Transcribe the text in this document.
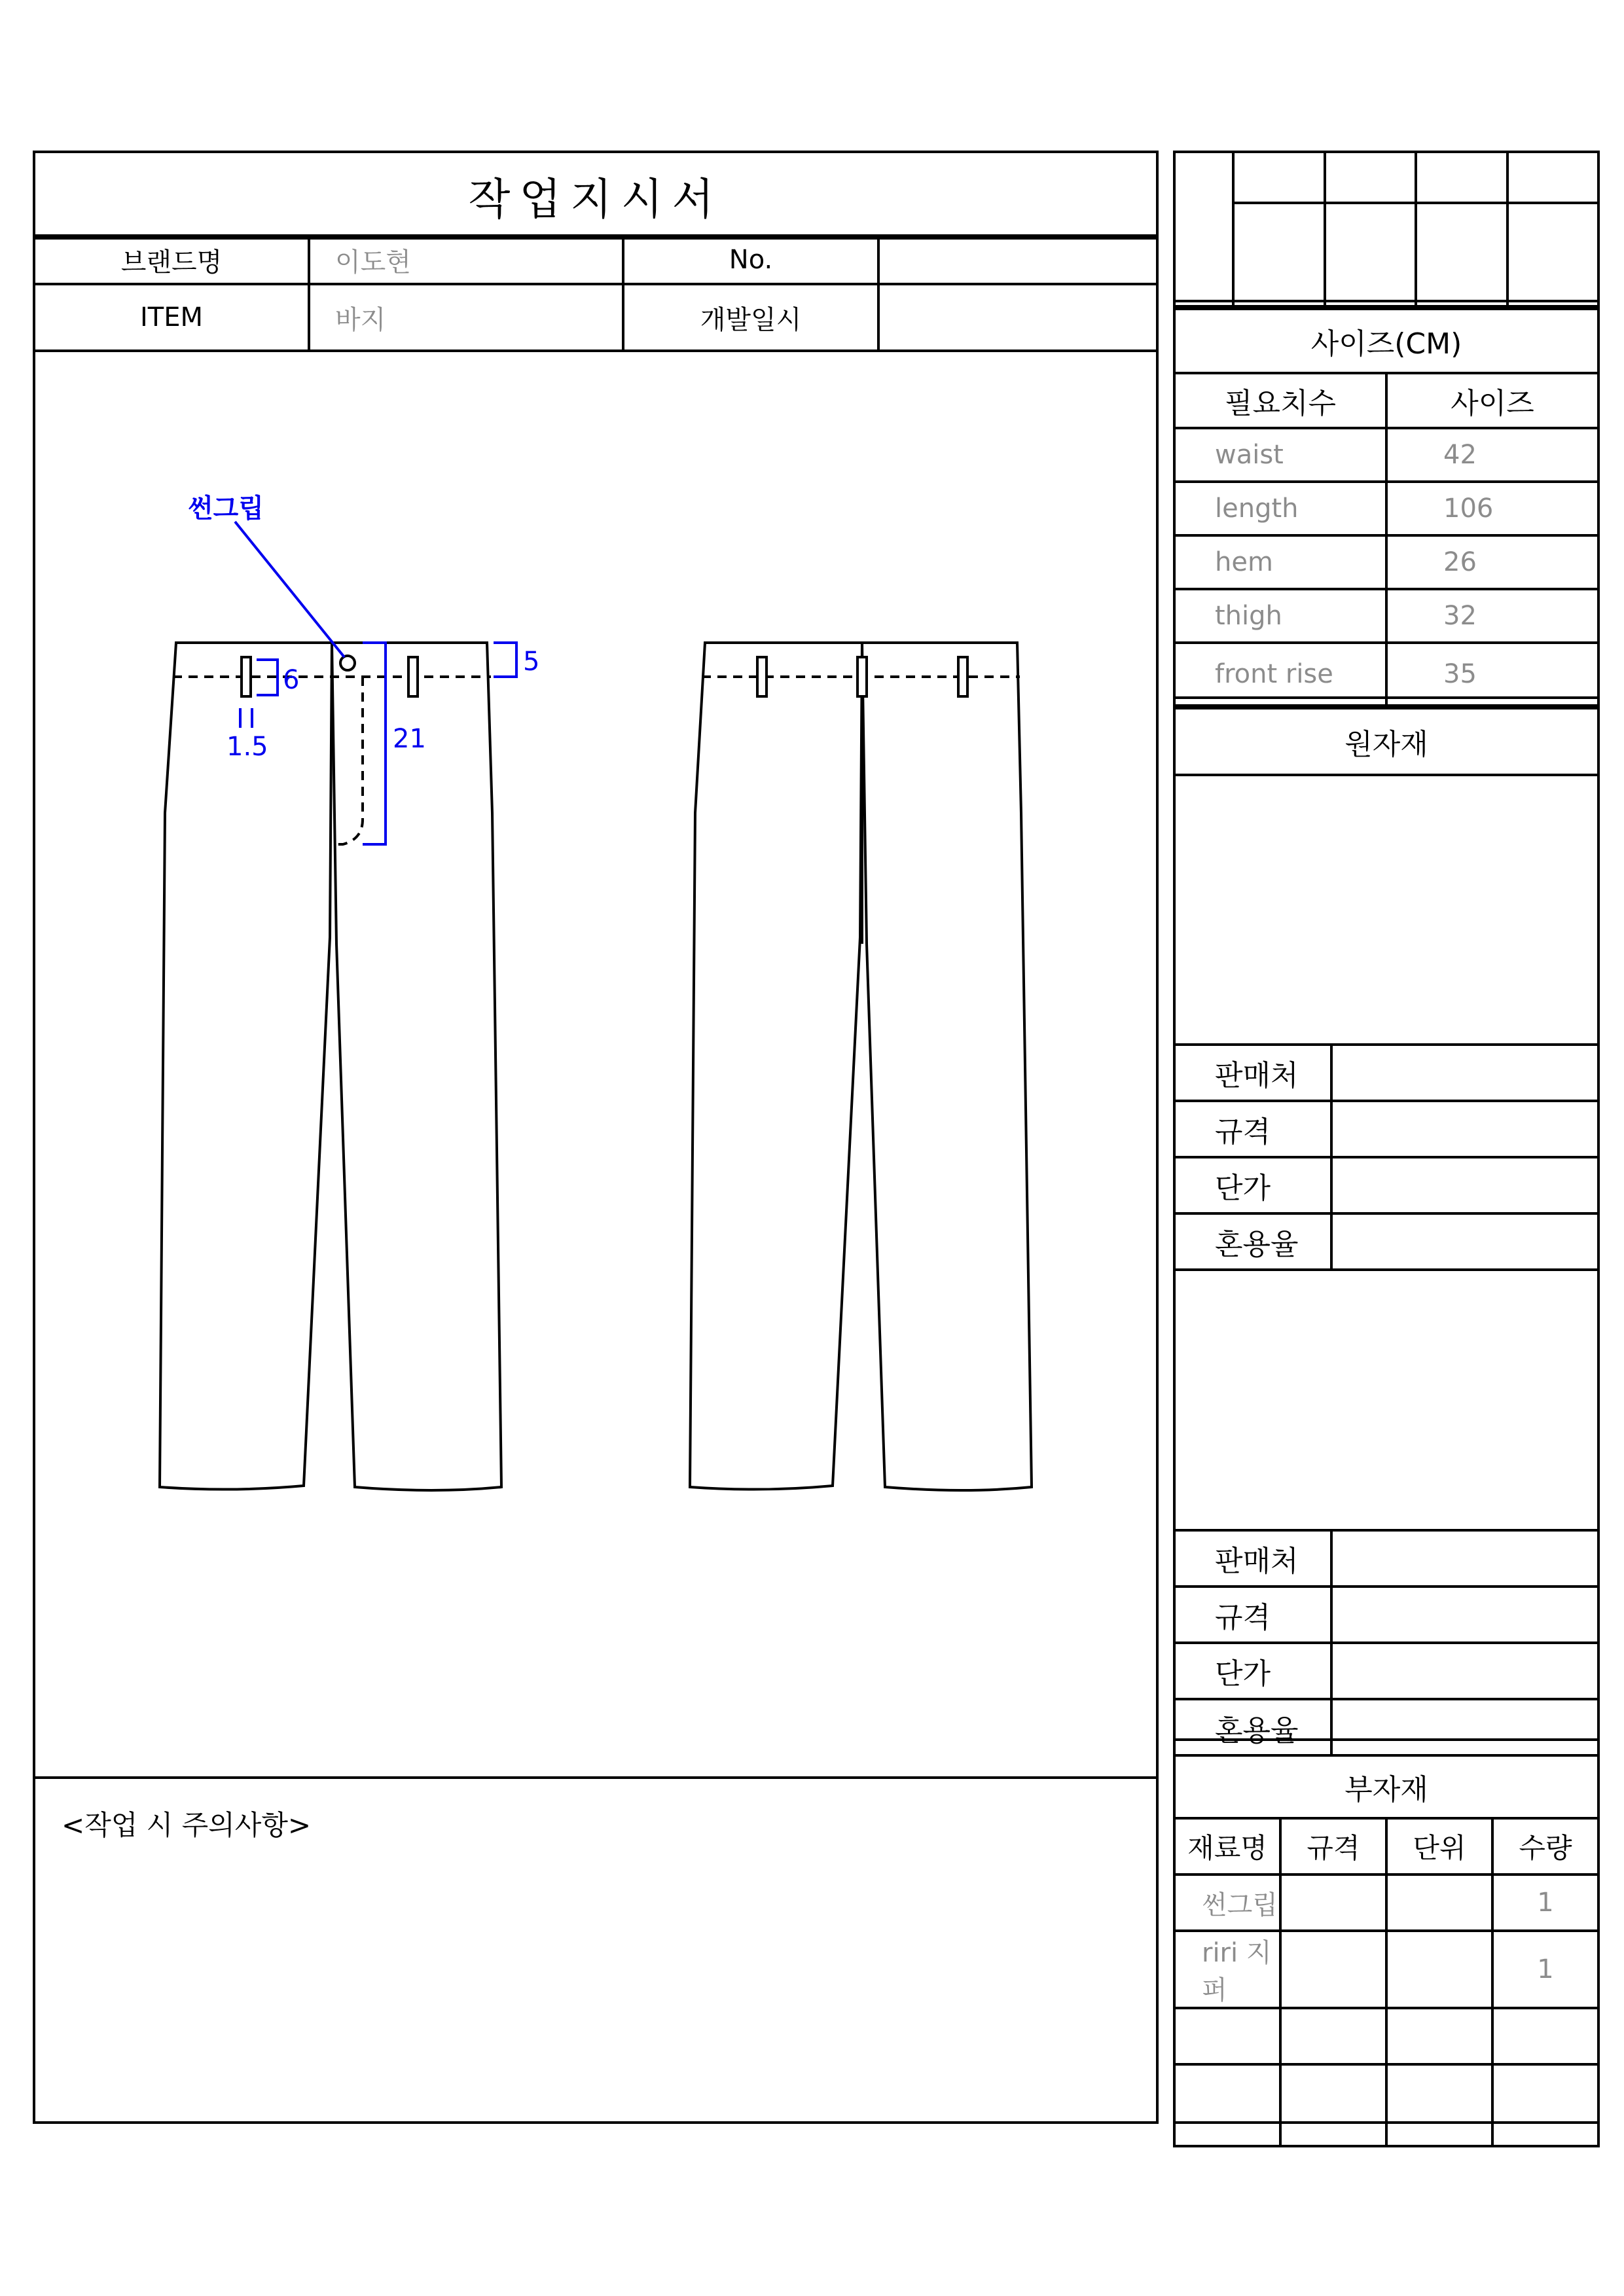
작업지시서
브랜드명	이도현	No.	
ITEM	바지	개발일시	
썬그립
6
1.5	21
5
<작업 시 주의사항>

사이즈(CM)	
필요치수	사이즈
waist	42
length	106
hem	26
thigh	32
front rise	35
원자재
판매처	
규격	
단가	
혼용율	
판매처	
규격	
단가	
혼용율	
부자재			
재료명	규격	단위	수량
썬그립			1
riri 지퍼			1
